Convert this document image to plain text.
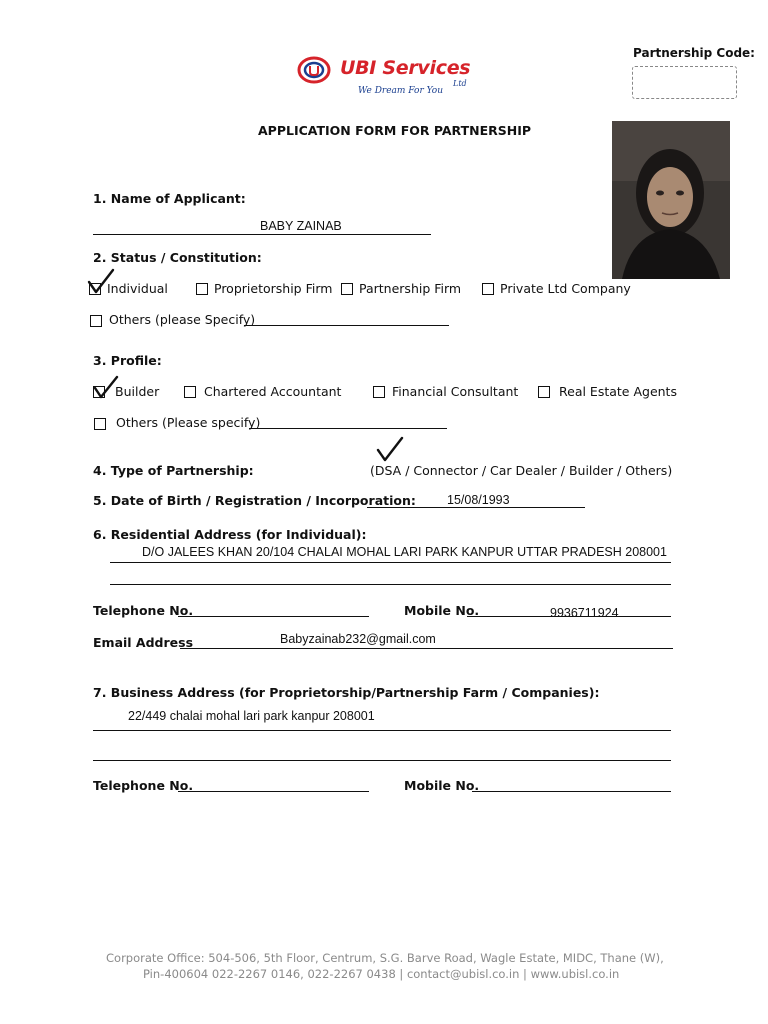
UBI Services
Ltd
We Dream For You
Partnership Code:
APPLICATION FORM FOR PARTNERSHIP
1. Name of Applicant:
BABY ZAINAB
2. Status / Constitution:
Individual	Proprietorship Firm Partnership Firm	Private Ltd Company
Others (please Specify)
3. Profile:
Builder	Chartered Accountant	Financial Consultant	Real Estate Agents
Others (Please specify)
4. Type of Partnership:	(DSA / Connector / Car Dealer / Builder / Others)
5. Date of Birth / Registration / Incorporation: 15/08/1993
6. Residential Address (for Individual):
D/O JALEES KHAN 20/104 CHALAI MOHAL LARI PARK KANPUR UTTAR PRADESH 208001
Telephone No.	Mobile No.	9936711924
Email Address	Babyzainab232@gmail.com
7. Business Address (for Proprietorship/Partnership Farm / Companies):
22/449 chalai mohal lari park kanpur 208001
Telephone No.	Mobile No.
Corporate Office: 504-506, 5th Floor, Centrum, S.G. Barve Road, Wagle Estate, MIDC, Thane (W),
Pin-400604 022-2267 0146, 022-2267 0438 | contact@ubisl.co.in | www.ubisl.co.in
